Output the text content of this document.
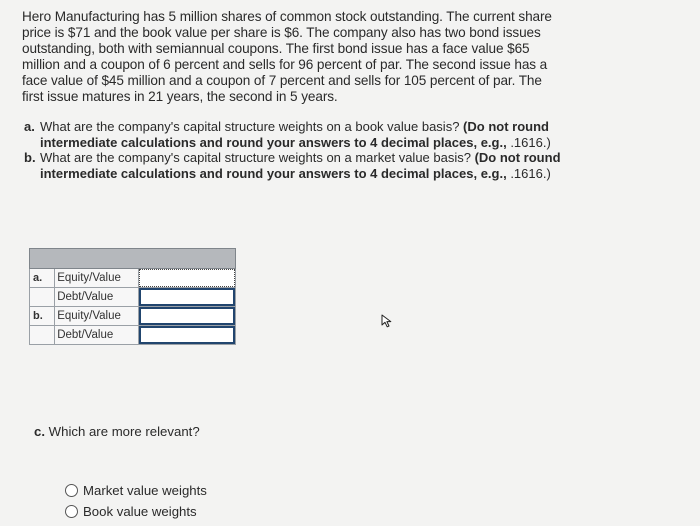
Hero Manufacturing has 5 million shares of common stock outstanding. The current share price is $71 and the book value per share is $6. The company also has two bond issues outstanding, both with semiannual coupons. The first bond issue has a face value $65 million and a coupon of 6 percent and sells for 96 percent of par. The second issue has a face value of $45 million and a coupon of 7 percent and sells for 105 percent of par. The first issue matures in 21 years, the second in 5 years.

a. What are the company's capital structure weights on a book value basis? (Do not round intermediate calculations and round your answers to 4 decimal places, e.g., .1616.)

b. What are the company's capital structure weights on a market value basis? (Do not round intermediate calculations and round your answers to 4 decimal places, e.g., .1616.)

a.	Equity/Value	

	Debt/Value	

b.	Equity/Value	

	Debt/Value	

c. Which are more relevant?

Market value weights
Book value weights
